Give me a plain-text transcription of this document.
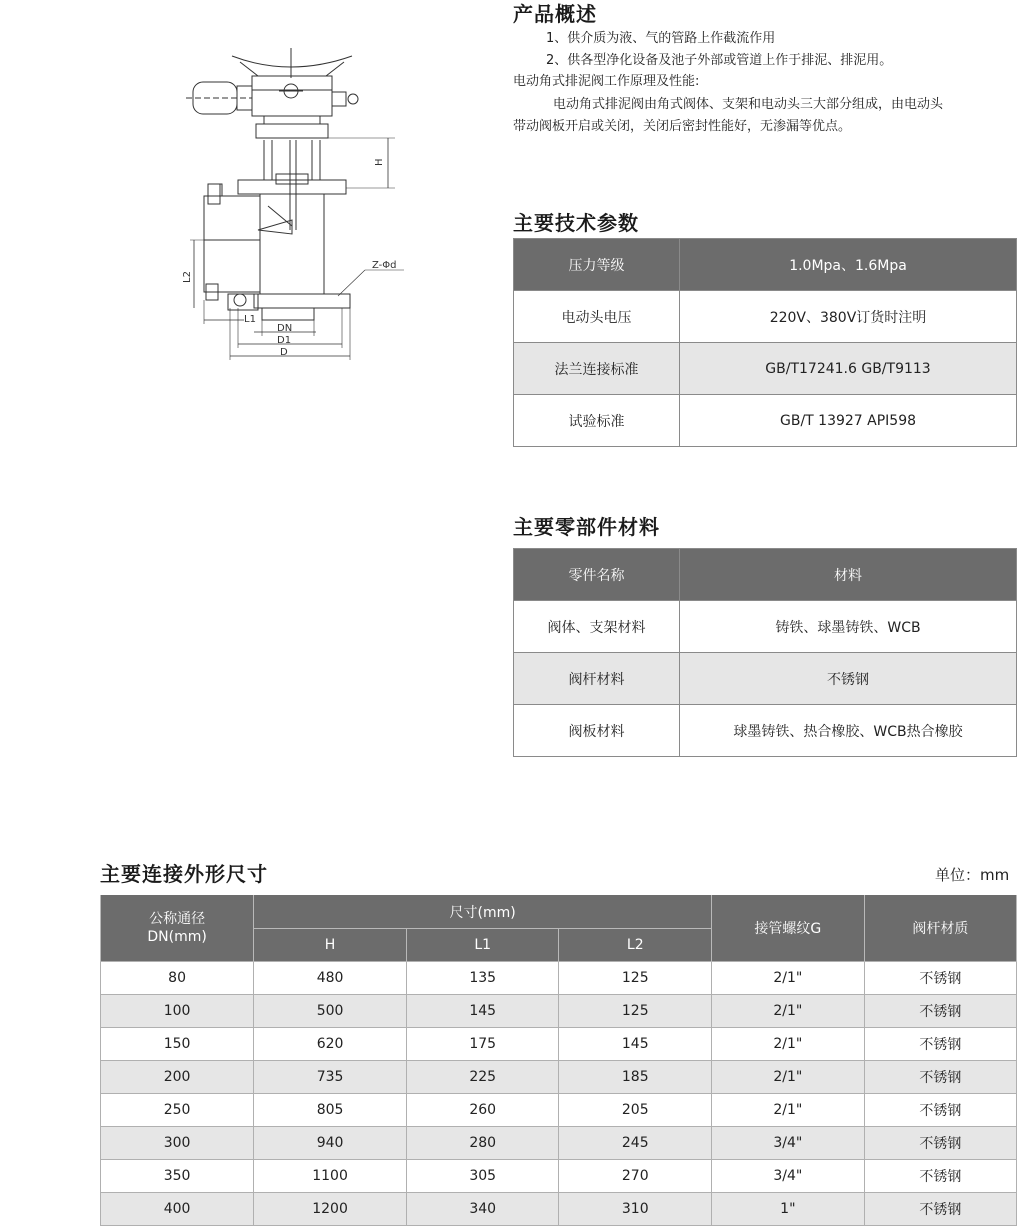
H
L2
L1
DN
D1
D
Z-Φd
产品概述
1、供介质为液、气的管路上作截流作用
2、供各型净化设备及池子外部或管道上作于排泥、排泥用。
电动角式排泥阀工作原理及性能:
电动角式排泥阀由角式阀体、支架和电动头三大部分组成，由电动头
带动阀板开启或关闭，关闭后密封性能好，无渗漏等优点。
主要技术参数
压力等级	1.0Mpa、1.6Mpa
电动头电压	220V、380V订货时注明
法兰连接标准	GB/T17241.6 GB/T9113
试验标准	GB/T 13927 API598
主要零部件材料
零件名称	材料
阀体、支架材料	铸铁、球墨铸铁、WCB
阀杆材料	不锈钢
阀板材料	球墨铸铁、热合橡胶、WCB热合橡胶
主要连接外形尺寸	单位：mm
公称通径
DN(mm)	尺寸(mm)			接管螺纹G	阀杆材质
	H	L1	L2		
80	480	135	125	2/1"	不锈钢
100	500	145	125	2/1"	不锈钢
150	620	175	145	2/1"	不锈钢
200	735	225	185	2/1"	不锈钢
250	805	260	205	2/1"	不锈钢
300	940	280	245	3/4"	不锈钢
350	1100	305	270	3/4"	不锈钢
400	1200	340	310	1"	不锈钢
